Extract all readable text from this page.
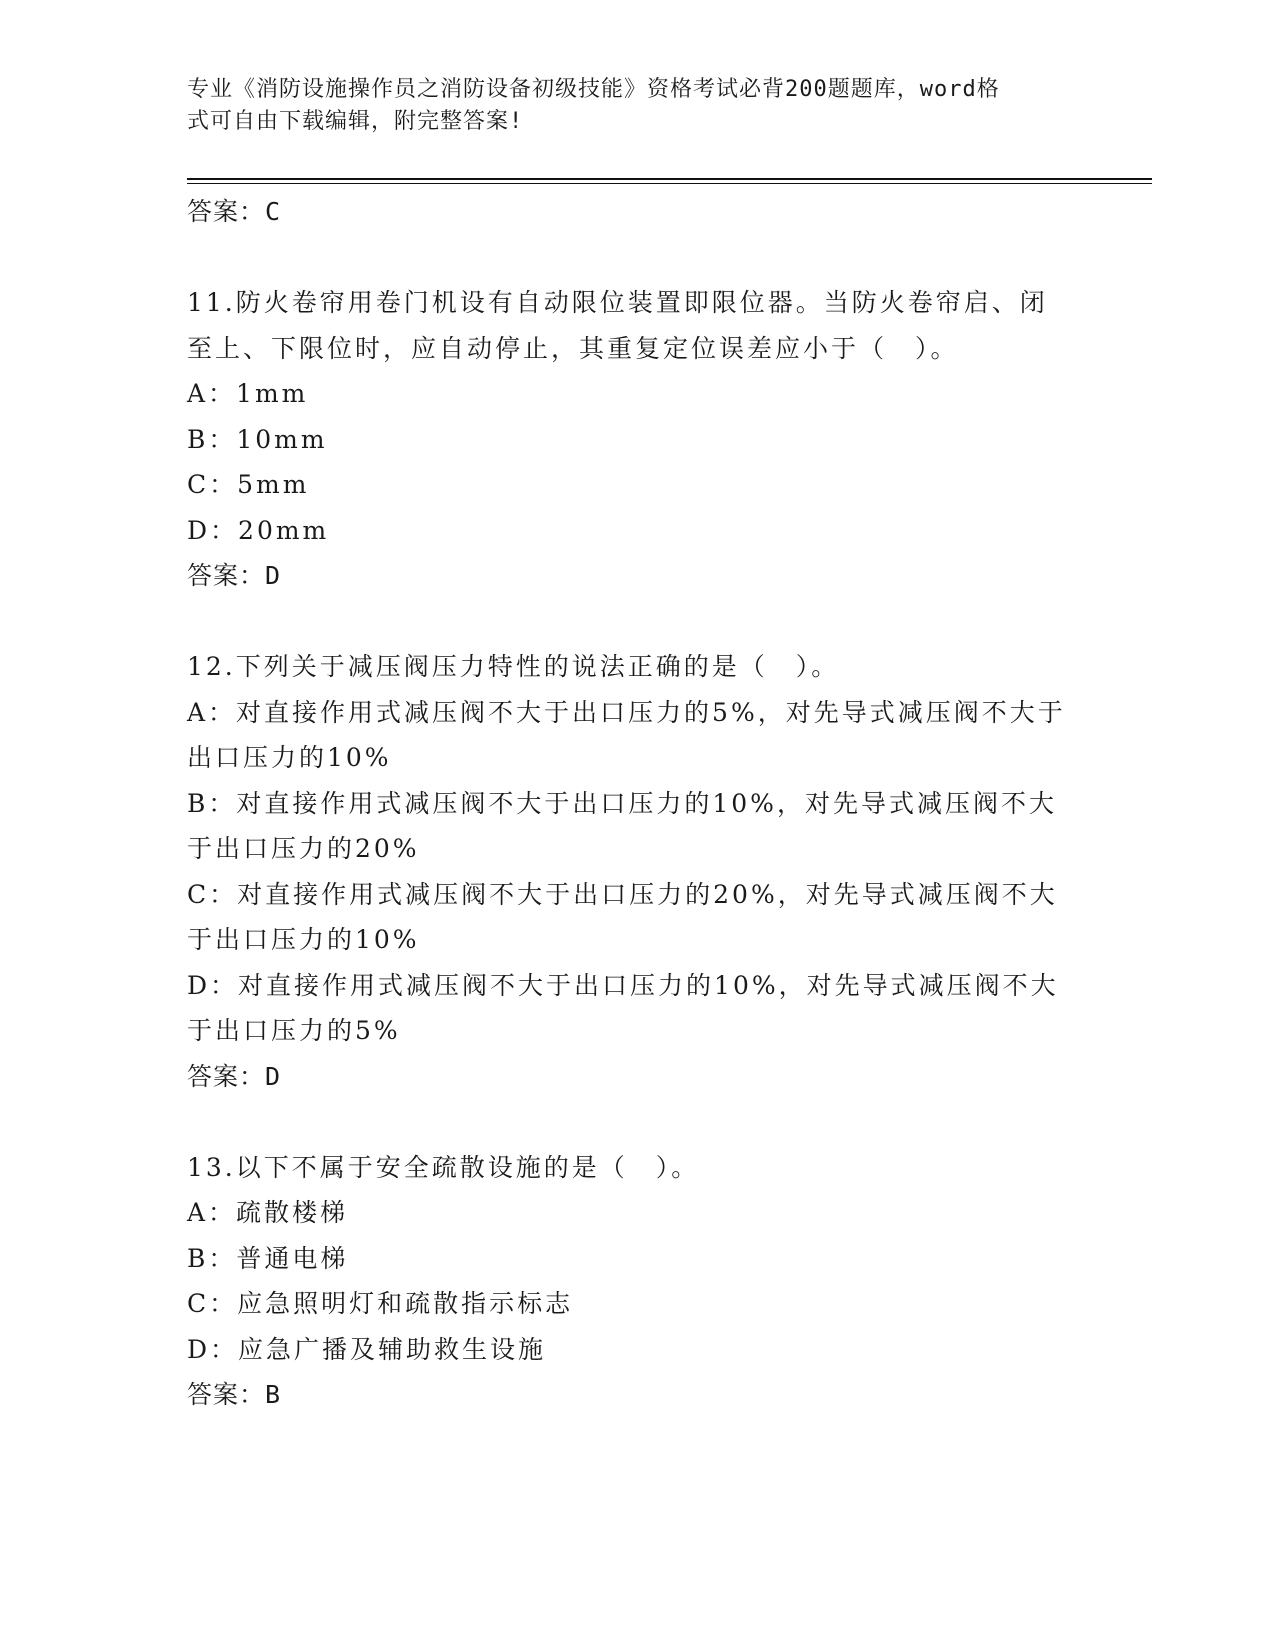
专业《消防设施操作员之消防设备初级技能》资格考试必背200题题库，word格
式可自由下载编辑，附完整答案!
答案：C
11.防火卷帘用卷门机设有自动限位装置即限位器。当防火卷帘启、闭
至上、下限位时，应自动停止，其重复定位误差应小于（　）。
A：1mm
B：10mm
C：5mm
D：20mm
答案：D
12.下列关于减压阀压力特性的说法正确的是（　）。
A：对直接作用式减压阀不大于出口压力的5%，对先导式减压阀不大于
出口压力的10%
B：对直接作用式减压阀不大于出口压力的10%，对先导式减压阀不大
于出口压力的20%
C：对直接作用式减压阀不大于出口压力的20%，对先导式减压阀不大
于出口压力的10%
D：对直接作用式减压阀不大于出口压力的10%，对先导式减压阀不大
于出口压力的5%
答案：D
13.以下不属于安全疏散设施的是（　）。
A：疏散楼梯
B：普通电梯
C：应急照明灯和疏散指示标志
D：应急广播及辅助救生设施
答案：B
